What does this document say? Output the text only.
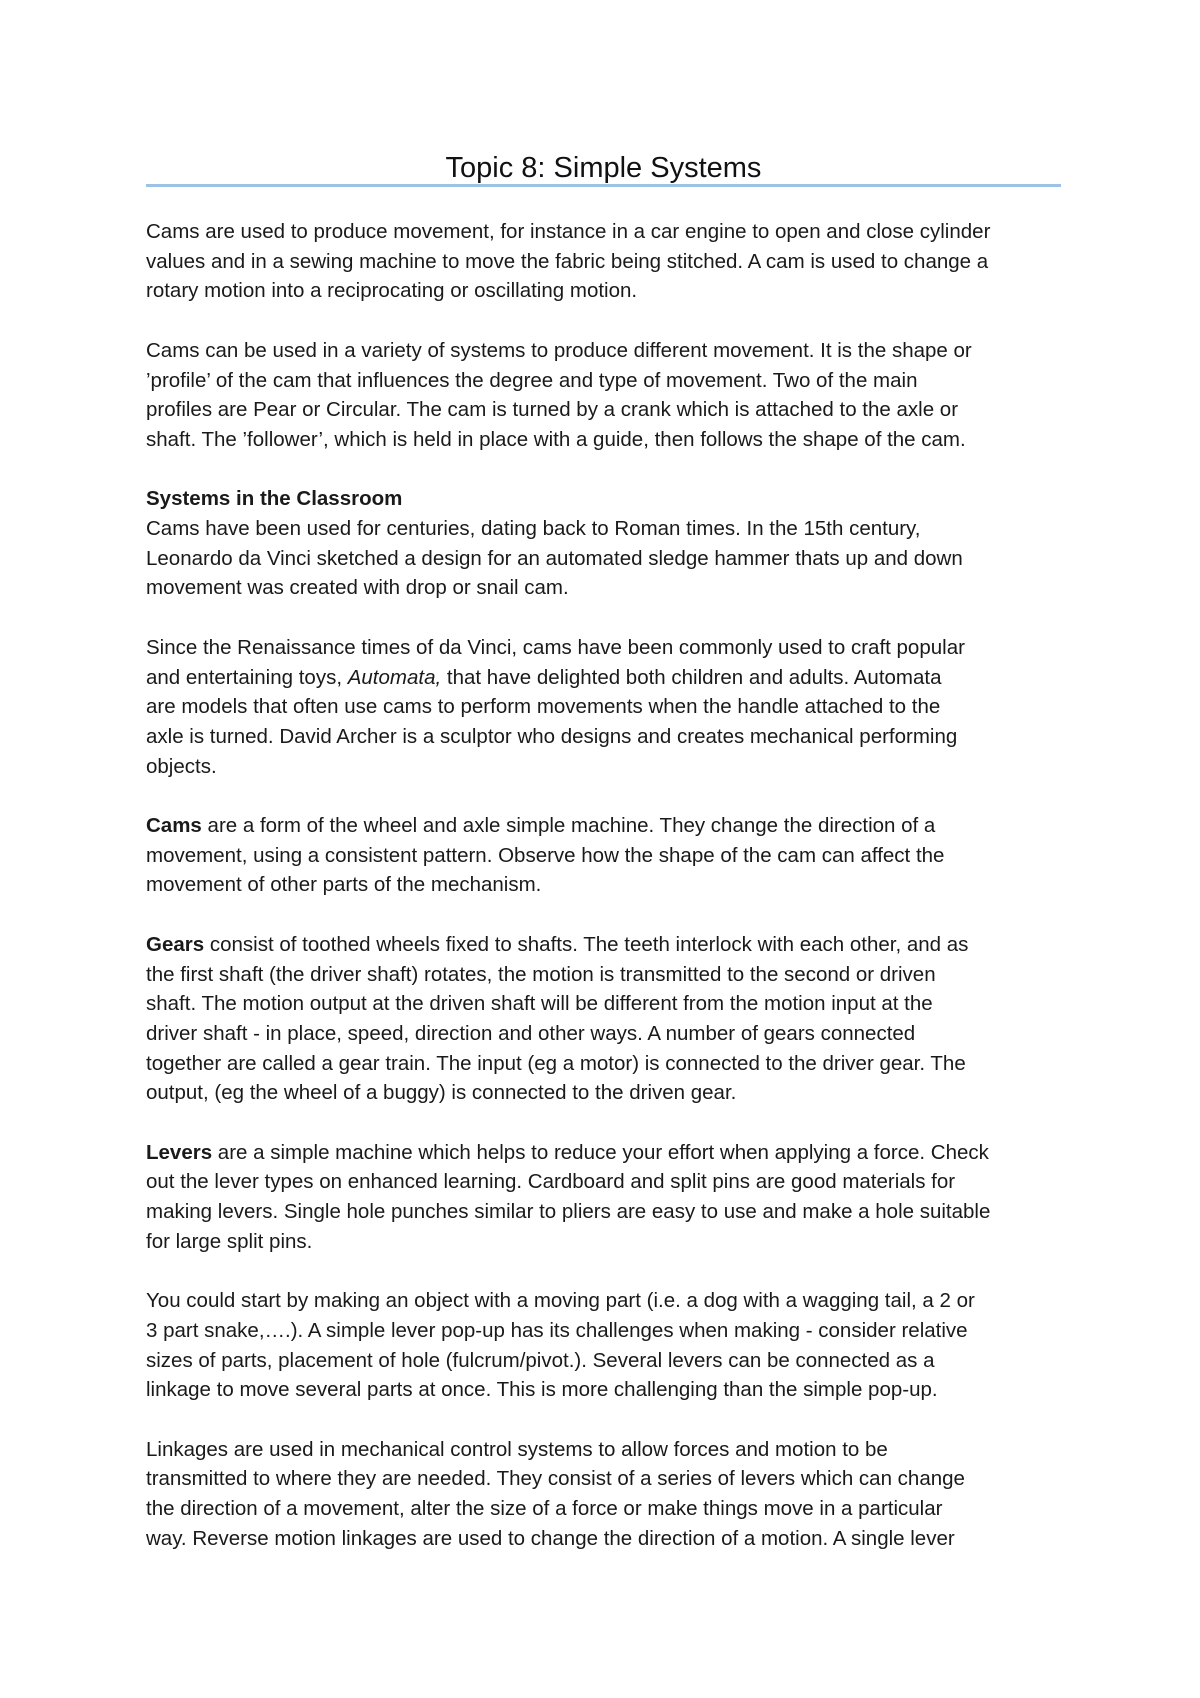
Topic 8: Simple Systems

Cams are used to produce movement, for instance in a car engine to open and close cylinder
values and in a sewing machine to move the fabric being stitched. A cam is used to change a
rotary motion into a reciprocating or oscillating motion.

Cams can be used in a variety of systems to produce different movement. It is the shape or
’profile’ of the cam that influences the degree and type of movement. Two of the main
profiles are Pear or Circular. The cam is turned by a crank which is attached to the axle or
shaft. The ’follower’, which is held in place with a guide, then follows the shape of the cam.

Systems in the Classroom
Cams have been used for centuries, dating back to Roman times. In the 15th century,
Leonardo da Vinci sketched a design for an automated sledge hammer thats up and down
movement was created with drop or snail cam.

Since the Renaissance times of da Vinci, cams have been commonly used to craft popular
and entertaining toys, Automata, that have delighted both children and adults. Automata
are models that often use cams to perform movements when the handle attached to the
axle is turned. David Archer is a sculptor who designs and creates mechanical performing
objects.

Cams are a form of the wheel and axle simple machine. They change the direction of a
movement, using a consistent pattern. Observe how the shape of the cam can affect the
movement of other parts of the mechanism.

Gears consist of toothed wheels fixed to shafts. The teeth interlock with each other, and as
the first shaft (the driver shaft) rotates, the motion is transmitted to the second or driven
shaft. The motion output at the driven shaft will be different from the motion input at the
driver shaft - in place, speed, direction and other ways. A number of gears connected
together are called a gear train. The input (eg a motor) is connected to the driver gear. The
output, (eg the wheel of a buggy) is connected to the driven gear.

Levers are a simple machine which helps to reduce your effort when applying a force. Check
out the lever types on enhanced learning. Cardboard and split pins are good materials for
making levers. Single hole punches similar to pliers are easy to use and make a hole suitable
for large split pins.

You could start by making an object with a moving part (i.e. a dog with a wagging tail, a 2 or
3 part snake,….). A simple lever pop-up has its challenges when making - consider relative
sizes of parts, placement of hole (fulcrum/pivot.). Several levers can be connected as a
linkage to move several parts at once. This is more challenging than the simple pop-up.

Linkages are used in mechanical control systems to allow forces and motion to be
transmitted to where they are needed. They consist of a series of levers which can change
the direction of a movement, alter the size of a force or make things move in a particular
way. Reverse motion linkages are used to change the direction of a motion. A single lever
